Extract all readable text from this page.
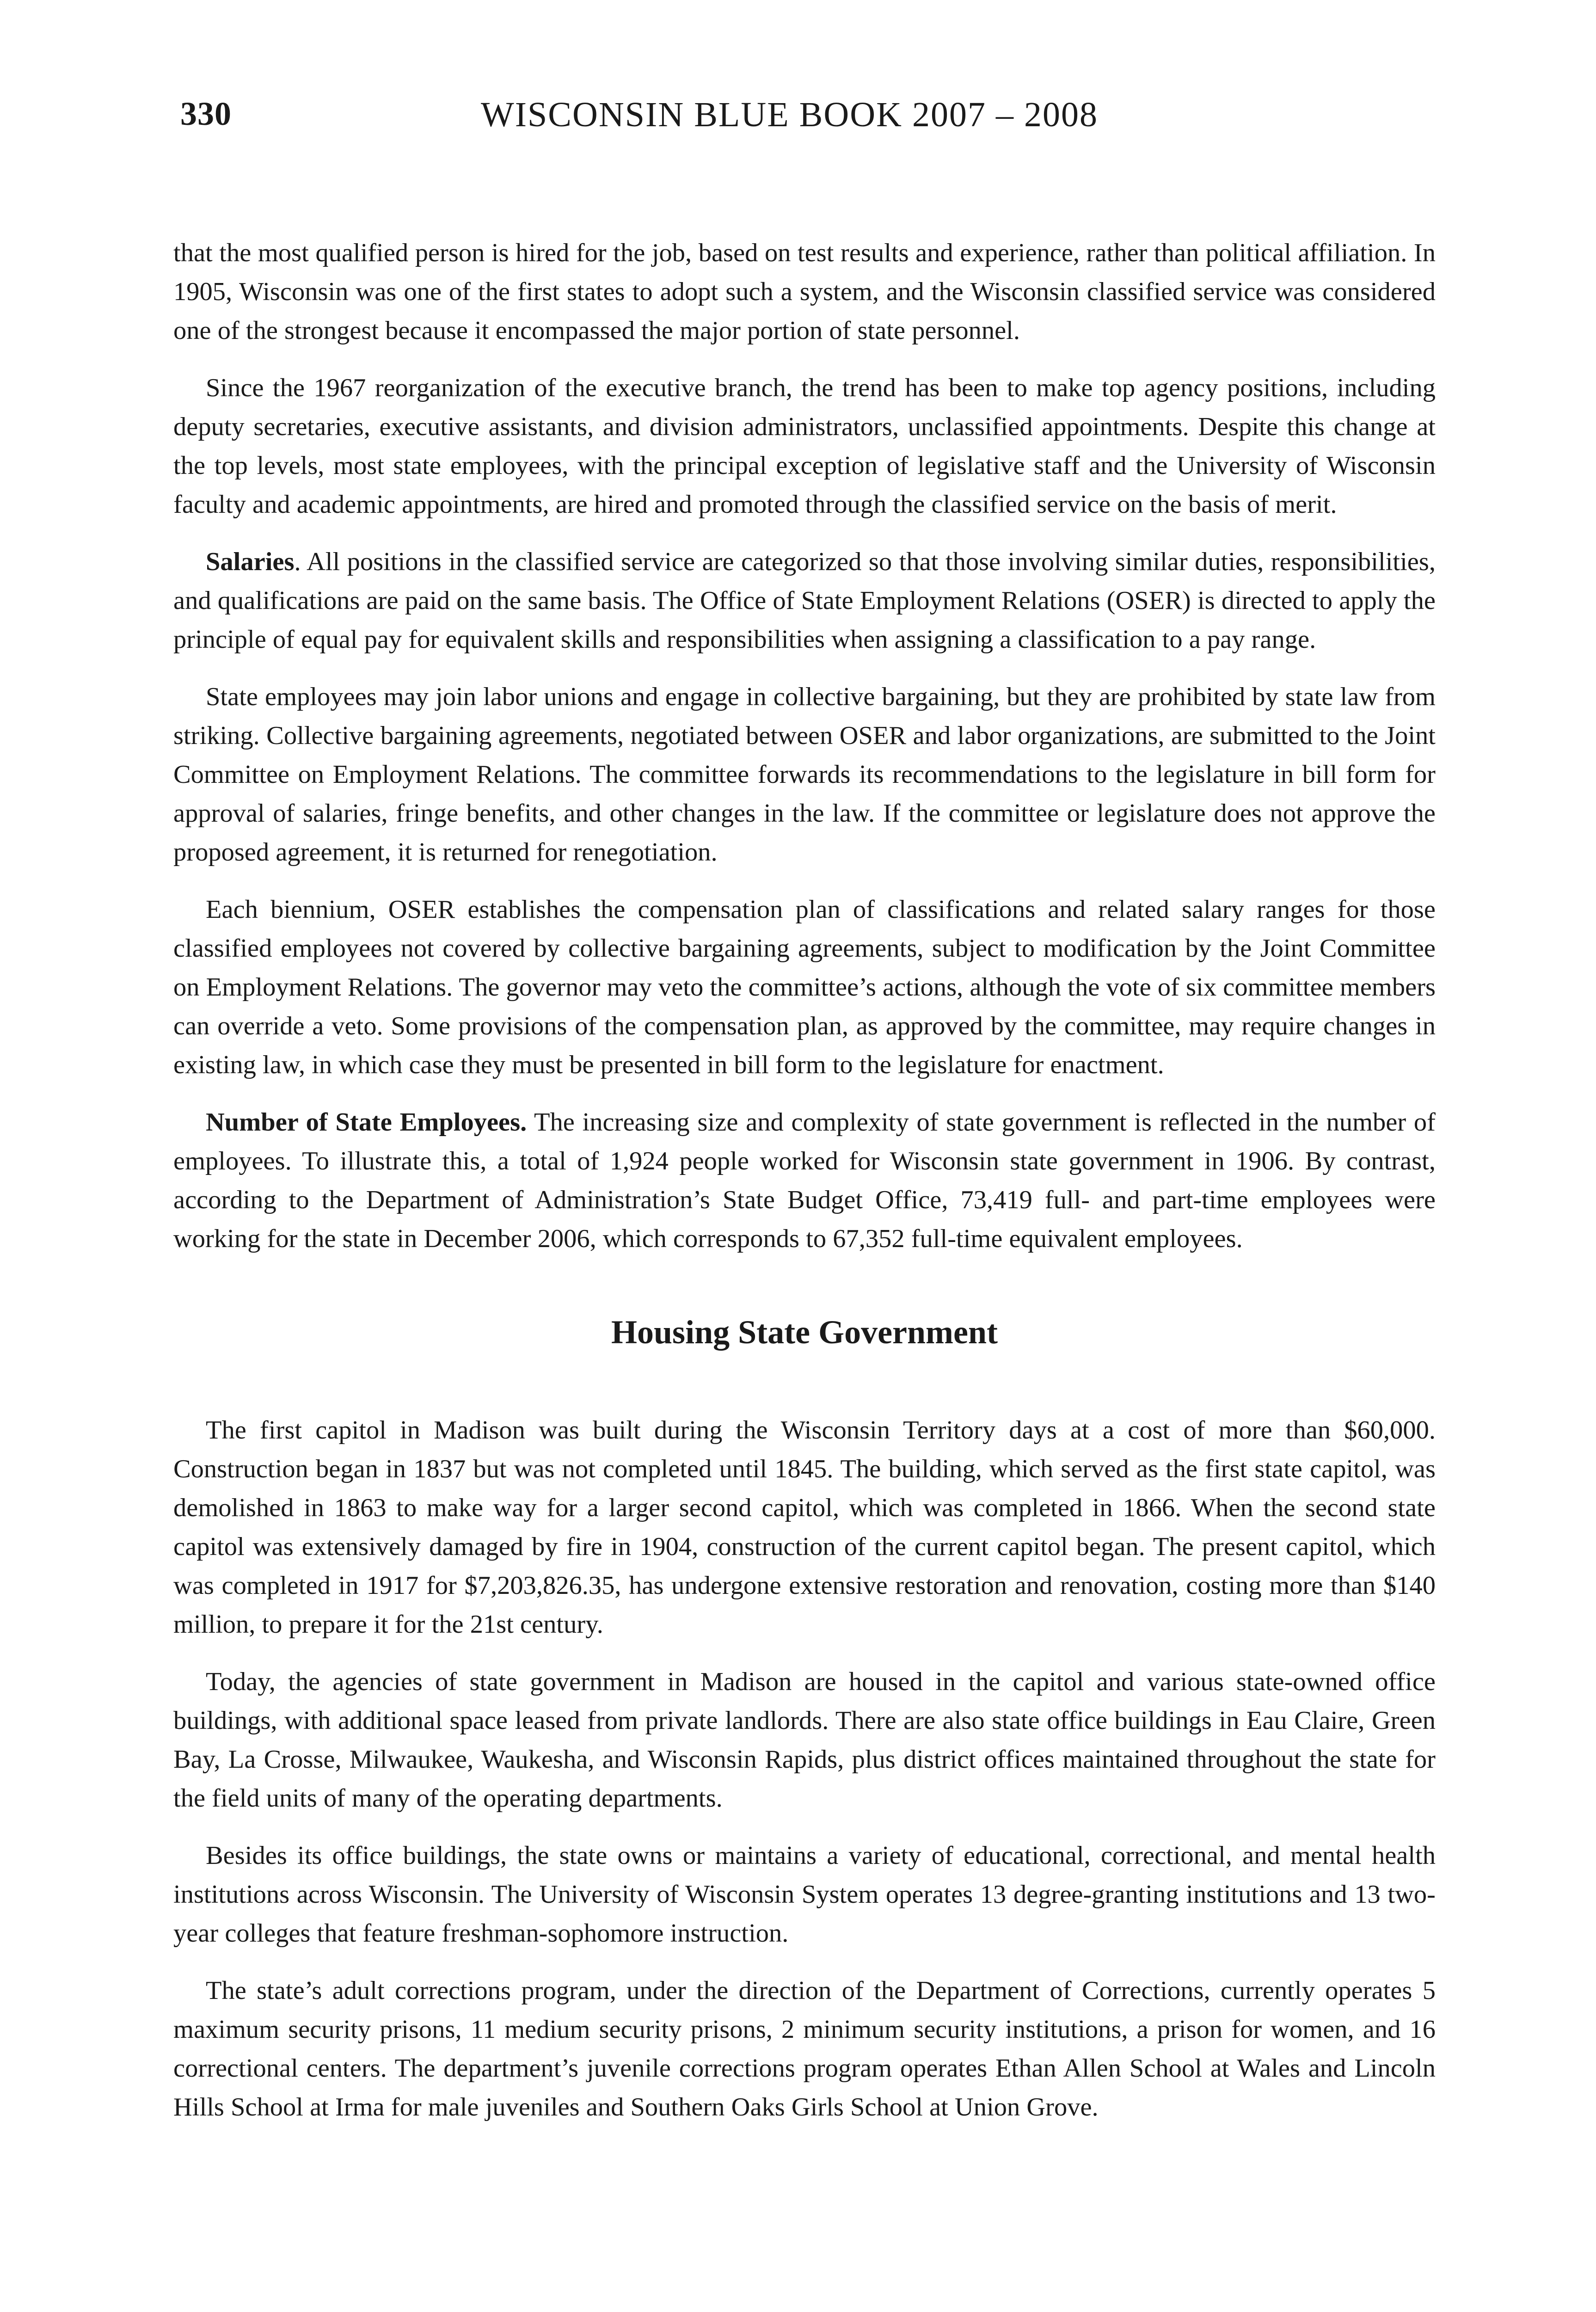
330	WISCONSIN BLUE BOOK 2007 – 2008

that the most qualified person is hired for the job, based on test results and experience, rather than political affiliation. In 1905, Wisconsin was one of the first states to adopt such a system, and the Wisconsin classified service was considered one of the strongest because it encompassed the major portion of state personnel.

Since the 1967 reorganization of the executive branch, the trend has been to make top agency positions, including deputy secretaries, executive assistants, and division administrators, unclassified appointments. Despite this change at the top levels, most state employees, with the principal exception of legislative staff and the University of Wisconsin faculty and academic appointments, are hired and promoted through the classified service on the basis of merit.

Salaries. All positions in the classified service are categorized so that those involving similar duties, responsibilities, and qualifications are paid on the same basis. The Office of State Employment Relations (OSER) is directed to apply the principle of equal pay for equivalent skills and responsibilities when assigning a classification to a pay range.

State employees may join labor unions and engage in collective bargaining, but they are prohibited by state law from striking. Collective bargaining agreements, negotiated between OSER and labor organizations, are submitted to the Joint Committee on Employment Relations. The committee forwards its recommendations to the legislature in bill form for approval of salaries, fringe benefits, and other changes in the law. If the committee or legislature does not approve the proposed agreement, it is returned for renegotiation.

Each biennium, OSER establishes the compensation plan of classifications and related salary ranges for those classified employees not covered by collective bargaining agreements, subject to modification by the Joint Committee on Employment Relations. The governor may veto the committee’s actions, although the vote of six committee members can override a veto. Some provisions of the compensation plan, as approved by the committee, may require changes in existing law, in which case they must be presented in bill form to the legislature for enactment.

Number of State Employees. The increasing size and complexity of state government is reflected in the number of employees. To illustrate this, a total of 1,924 people worked for Wisconsin state government in 1906. By contrast, according to the Department of Administration’s State Budget Office, 73,419 full- and part-time employees were working for the state in December 2006, which corresponds to 67,352 full-time equivalent employees.

Housing State Government

The first capitol in Madison was built during the Wisconsin Territory days at a cost of more than $60,000. Construction began in 1837 but was not completed until 1845. The building, which served as the first state capitol, was demolished in 1863 to make way for a larger second capitol, which was completed in 1866. When the second state capitol was extensively damaged by fire in 1904, construction of the current capitol began. The present capitol, which was completed in 1917 for $7,203,826.35, has undergone extensive restoration and renovation, costing more than $140 million, to prepare it for the 21st century.

Today, the agencies of state government in Madison are housed in the capitol and various state-owned office buildings, with additional space leased from private landlords. There are also state office buildings in Eau Claire, Green Bay, La Crosse, Milwaukee, Waukesha, and Wisconsin Rapids, plus district offices maintained throughout the state for the field units of many of the operating departments.

Besides its office buildings, the state owns or maintains a variety of educational, correctional, and mental health institutions across Wisconsin. The University of Wisconsin System operates 13 degree-granting institutions and 13 two-year colleges that feature freshman-sophomore instruction.

The state’s adult corrections program, under the direction of the Department of Corrections, currently operates 5 maximum security prisons, 11 medium security prisons, 2 minimum security institutions, a prison for women, and 16 correctional centers. The department’s juvenile corrections program operates Ethan Allen School at Wales and Lincoln Hills School at Irma for male juveniles and Southern Oaks Girls School at Union Grove.
